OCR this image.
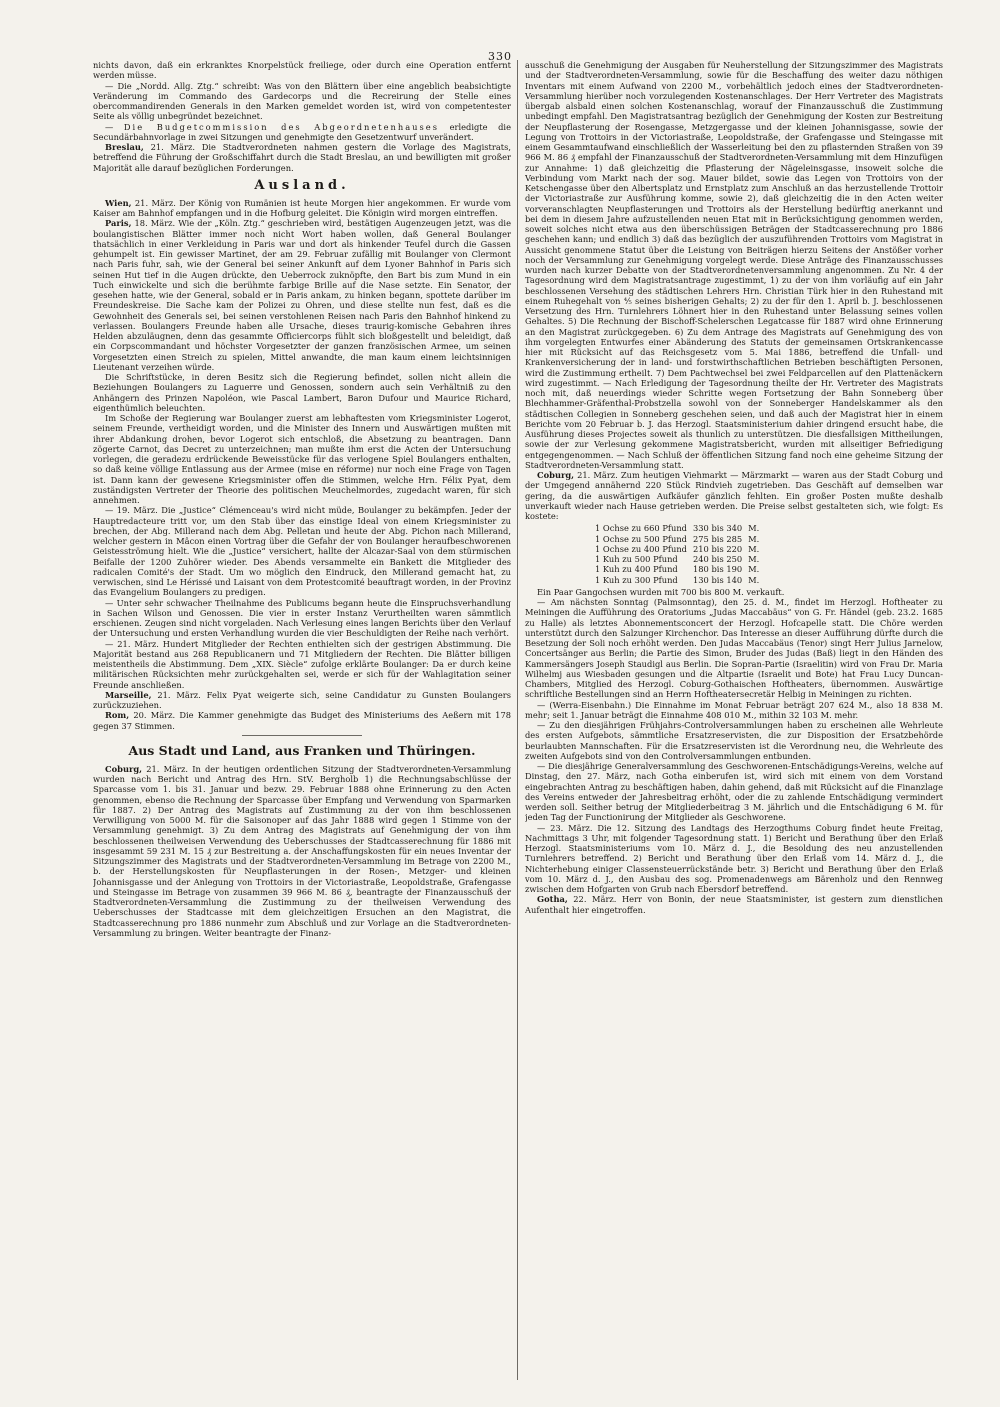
330

nichts davon, daß ein erkranktes Knorpelstück freiliege, oder durch eine Operation entfernt werden müsse.

— Die „Nordd. Allg. Ztg.“ schreibt: Was von den Blättern über eine angeblich beabsichtigte Veränderung im Commando des Gardecorps und die Recreirung der Stelle eines obercommandirenden Generals in den Marken gemeldet worden ist, wird von competentester Seite als völlig unbegründet bezeichnet.

— Die Budgetcommission des Abgeordnetenhauses erledigte die Secundärbahnvorlage in zwei Sitzungen und genehmigte den Gesetzentwurf unverändert.

Breslau, 21. März. Die Stadtverordneten nahmen gestern die Vorlage des Magistrats, betreffend die Führung der Großschiffahrt durch die Stadt Breslau, an und bewilligten mit großer Majorität alle darauf bezüglichen Forderungen.

Ausland.

Wien, 21. März. Der König von Rumänien ist heute Morgen hier angekommen. Er wurde vom Kaiser am Bahnhof empfangen und in die Hofburg geleitet. Die Königin wird morgen eintreffen.

Paris, 18. März. Wie der „Köln. Ztg.“ geschrieben wird, bestätigen Augenzeugen jetzt, was die boulangistischen Blätter immer noch nicht Wort haben wollen, daß General Boulanger thatsächlich in einer Verkleidung in Paris war und dort als hinkender Teufel durch die Gassen gehumpelt ist. Ein gewisser Martinet, der am 29. Februar zufällig mit Boulanger von Clermont nach Paris fuhr, sah, wie der General bei seiner Ankunft auf dem Lyoner Bahnhof in Paris sich seinen Hut tief in die Augen drückte, den Ueberrock zuknöpfte, den Bart bis zum Mund in ein Tuch einwickelte und sich die berühmte farbige Brille auf die Nase setzte. Ein Senator, der gesehen hatte, wie der General, sobald er in Paris ankam, zu hinken begann, spottete darüber im Freundeskreise. Die Sache kam der Polizei zu Ohren, und diese stellte nun fest, daß es die Gewohnheit des Generals sei, bei seinen verstohlenen Reisen nach Paris den Bahnhof hinkend zu verlassen. Boulangers Freunde haben alle Ursache, dieses traurig-komische Gebahren ihres Helden abzuläugnen, denn das gesammte Officiercorps fühlt sich bloßgestellt und beleidigt, daß ein Corpscommandant und höchster Vorgesetzter der ganzen französischen Armee, um seinen Vorgesetzten einen Streich zu spielen, Mittel anwandte, die man kaum einem leichtsinnigen Lieutenant verzeihen würde.

Die Schriftstücke, in deren Besitz sich die Regierung befindet, sollen nicht allein die Beziehungen Boulangers zu Laguerre und Genossen, sondern auch sein Verhältniß zu den Anhängern des Prinzen Napoléon, wie Pascal Lambert, Baron Dufour und Maurice Richard, eigenthümlich beleuchten.

Im Schoße der Regierung war Boulanger zuerst am lebhaftesten vom Kriegsminister Logerot, seinem Freunde, vertheidigt worden, und die Minister des Innern und Auswärtigen mußten mit ihrer Abdankung drohen, bevor Logerot sich entschloß, die Absetzung zu beantragen. Dann zögerte Carnot, das Decret zu unterzeichnen; man mußte ihm erst die Acten der Untersuchung vorlegen, die geradezu erdrückende Beweisstücke für das verlogene Spiel Boulangers enthalten, so daß keine völlige Entlassung aus der Armee (mise en réforme) nur noch eine Frage von Tagen ist. Dann kann der gewesene Kriegsminister offen die Stimmen, welche Hrn. Félix Pyat, dem zuständigsten Vertreter der Theorie des politischen Meuchelmordes, zugedacht waren, für sich annehmen.

— 19. März. Die „Justice“ Clémenceau's wird nicht müde, Boulanger zu bekämpfen. Jeder der Hauptredacteure tritt vor, um den Stab über das einstige Ideal von einem Kriegsminister zu brechen, der Abg. Millerand nach dem Abg. Pelletan und heute der Abg. Pichon nach Millerand, welcher gestern in Mâcon einen Vortrag über die Gefahr der von Boulanger heraufbeschworenen Geistesströmung hielt. Wie die „Justice“ versichert, hallte der Alcazar-Saal von dem stürmischen Beifalle der 1200 Zuhörer wieder. Des Abends versammelte ein Bankett die Mitglieder des radicalen Comité's der Stadt. Um wo möglich den Eindruck, den Millerand gemacht hat, zu verwischen, sind Le Hérissé und Laisant von dem Protestcomité beauftragt worden, in der Provinz das Evangelium Boulangers zu predigen.

— Unter sehr schwacher Theilnahme des Publicums begann heute die Einspruchsverhandlung in Sachen Wilson und Genossen. Die vier in erster Instanz Verurtheilten waren sämmtlich erschienen. Zeugen sind nicht vorgeladen. Nach Verlesung eines langen Berichts über den Verlauf der Untersuchung und ersten Verhandlung wurden die vier Beschuldigten der Reihe nach verhört.

— 21. März. Hundert Mitglieder der Rechten enthielten sich der gestrigen Abstimmung. Die Majorität bestand aus 268 Republicanern und 71 Mitgliedern der Rechten. Die Blätter billigen meistentheils die Abstimmung. Dem „XIX. Siècle“ zufolge erklärte Boulanger: Da er durch keine militärischen Rücksichten mehr zurückgehalten sei, werde er sich für der Wahlagitation seiner Freunde anschließen.

Marseille, 21. März. Felix Pyat weigerte sich, seine Candidatur zu Gunsten Boulangers zurückzuziehen.

Rom, 20. März. Die Kammer genehmigte das Budget des Ministeriums des Aeßern mit 178 gegen 37 Stimmen.

Aus Stadt und Land, aus Franken und Thüringen.

Coburg, 21. März. In der heutigen ordentlichen Sitzung der Stadtverordneten-Versammlung wurden nach Bericht und Antrag des Hrn. StV. Bergholb 1) die Rechnungsabschlüsse der Sparcasse vom 1. bis 31. Januar und bezw. 29. Februar 1888 ohne Erinnerung zu den Acten genommen, ebenso die Rechnung der Sparcasse über Empfang und Verwendung von Sparmarken für 1887. 2) Der Antrag des Magistrats auf Zustimmung zu der von ihm beschlossenen Verwilligung von 5000 M. für die Saisonoper auf das Jahr 1888 wird gegen 1 Stimme von der Versammlung genehmigt. 3) Zu dem Antrag des Magistrats auf Genehmigung der von ihm beschlossenen theilweisen Verwendung des Ueberschusses der Stadtcasserechnung für 1886 mit insgesammt 59 231 M. 15 ₰ zur Bestreitung a. der Anschaffungskosten für ein neues Inventar der Sitzungszimmer des Magistrats und der Stadtverordneten-Versammlung im Betrage von 2200 M., b. der Herstellungskosten für Neupflasterungen in der Rosen-, Metzger- und kleinen Johannisgasse und der Anlegung von Trottoirs in der Victoriastraße, Leopoldstraße, Grafengasse und Steingasse im Betrage von zusammen 39 966 M. 86 ₰, beantragte der Finanzausschuß der Stadtverordneten-Versammlung die Zustimmung zu der theilweisen Verwendung des Ueberschusses der Stadtcasse mit dem gleichzeitigen Ersuchen an den Magistrat, die Stadtcasserechnung pro 1886 nunmehr zum Abschluß und zur Vorlage an die Stadtverordneten-Versammlung zu bringen. Weiter beantragte der Finanz-

ausschuß die Genehmigung der Ausgaben für Neuherstellung der Sitzungszimmer des Magistrats und der Stadtverordneten-Versammlung, sowie für die Beschaffung des weiter dazu nöthigen Inventars mit einem Aufwand von 2200 M., vorbehältlich jedoch eines der Stadtverordneten-Versammlung hierüber noch vorzulegenden Kostenanschlages. Der Herr Vertreter des Magistrats übergab alsbald einen solchen Kostenanschlag, worauf der Finanzausschuß die Zustimmung unbedingt empfahl. Den Magistratsantrag bezüglich der Genehmigung der Kosten zur Bestreitung der Neupflasterung der Rosengasse, Metzgergasse und der kleinen Johannisgasse, sowie der Legung von Trottoirs in der Victoriastraße, Leopoldstraße, der Grafengasse und Steingasse mit einem Gesammtaufwand einschließlich der Wasserleitung bei den zu pflasternden Straßen von 39 966 M. 86 ₰ empfahl der Finanzausschuß der Stadtverordneten-Versammlung mit dem Hinzufügen zur Annahme: 1) daß gleichzeitig die Pflasterung der Nägeleinsgasse, insoweit solche die Verbindung vom Markt nach der sog. Mauer bildet, sowie das Legen von Trottoirs von der Ketschengasse über den Albertsplatz und Ernstplatz zum Anschluß an das herzustellende Trottoir der Victoriastraße zur Ausführung komme, sowie 2), daß gleichzeitig die in den Acten weiter vorveranschlagten Neupflasterungen und Trottoirs als der Herstellung bedürftig anerkannt und bei dem in diesem Jahre aufzustellenden neuen Etat mit in Berücksichtigung genommen werden, soweit solches nicht etwa aus den überschüssigen Beträgen der Stadtcasserechnung pro 1886 geschehen kann; und endlich 3) daß das bezüglich der auszuführenden Trottoirs vom Magistrat in Aussicht genommene Statut über die Leistung von Beiträgen hierzu Seitens der Anstößer vorher noch der Versammlung zur Genehmigung vorgelegt werde. Diese Anträge des Finanzausschusses wurden nach kurzer Debatte von der Stadtverordnetenversammlung angenommen. Zu Nr. 4 der Tagesordnung wird dem Magistratsantrage zugestimmt, 1) zu der von ihm vorläufig auf ein Jahr beschlossenen Versehung des städtischen Lehrers Hrn. Christian Türk hier in den Ruhestand mit einem Ruhegehalt von ⁴⁄₅ seines bisherigen Gehalts; 2) zu der für den 1. April b. J. beschlossenen Versetzung des Hrn. Turnlehrers Löhnert hier in den Ruhestand unter Belassung seines vollen Gehaltes. 5) Die Rechnung der Bischoff-Schelerschen Legatcasse für 1887 wird ohne Erinnerung an den Magistrat zurückgegeben. 6) Zu dem Antrage des Magistrats auf Genehmigung des von ihm vorgelegten Entwurfes einer Abänderung des Statuts der gemeinsamen Ortskrankencasse hier mit Rücksicht auf das Reichsgesetz vom 5. Mai 1886, betreffend die Unfall- und Krankenversicherung der in land- und forstwirthschaftlichen Betrieben beschäftigten Personen, wird die Zustimmung ertheilt. 7) Dem Pachtwechsel bei zwei Feldparcellen auf den Plattenäckern wird zugestimmt. — Nach Erledigung der Tagesordnung theilte der Hr. Vertreter des Magistrats noch mit, daß neuerdings wieder Schritte wegen Fortsetzung der Bahn Sonneberg über Blechhammer-Gräfenthal-Probstzella sowohl von der Sonneberger Handelskammer als den städtischen Collegien in Sonneberg geschehen seien, und daß auch der Magistrat hier in einem Berichte vom 20 Februar b. J. das Herzogl. Staatsministerium dahier dringend ersucht habe, die Ausführung dieses Projectes soweit als thunlich zu unterstützen. Die diesfallsigen Mittheilungen, sowie der zur Verlesung gekommene Magistratsbericht, wurden mit allseitiger Befriedigung entgegengenommen. — Nach Schluß der öffentlichen Sitzung fand noch eine geheime Sitzung der Stadtverordneten-Versammlung statt.

Coburg, 21. März. Zum heutigen Viehmarkt — Märzmarkt — waren aus der Stadt Coburg und der Umgegend annähernd 220 Stück Rindvieh zugetrieben. Das Geschäft auf demselben war gering, da die auswärtigen Aufkäufer gänzlich fehlten. Ein großer Posten mußte deshalb unverkauft wieder nach Hause getrieben werden. Die Preise selbst gestalteten sich, wie folgt: Es kostete:

1 Ochse zu 660 Pfund	330 bis 340	M.
1 Ochse zu 500 Pfund	275 bis 285	M.
1 Ochse zu 400 Pfund	210 bis 220	M.
1 Kuh zu 500 Pfund	240 bis 250	M.
1 Kuh zu 400 Pfund	180 bis 190	M.
1 Kuh zu 300 Pfund	130 bis 140	M.

Ein Paar Gangochsen wurden mit 700 bis 800 M. verkauft.

— Am nächsten Sonntag (Palmsonntag), den 25. d. M., findet im Herzogl. Hoftheater zu Meiningen die Aufführung des Oratoriums „Judas Maccabäus“ von G. Fr. Händel (geb. 23.2. 1685 zu Halle) als letztes Abonnementsconcert der Herzogl. Hofcapelle statt. Die Chöre werden unterstützt durch den Salzunger Kirchenchor. Das Interesse an dieser Aufführung dürfte durch die Besetzung der Soli noch erhöht werden. Den Judas Maccabäus (Tenor) singt Herr Julius Jarnelow, Concertsänger aus Berlin; die Partie des Simon, Bruder des Judas (Baß) liegt in den Händen des Kammersängers Joseph Staudigl aus Berlin. Die Sopran-Partie (Israelitin) wird von Frau Dr. Maria Wilhelmj aus Wiesbaden gesungen und die Altpartie (Israelit und Bote) hat Frau Lucy Duncan-Chambers, Mitglied des Herzogl. Coburg-Gothaischen Hoftheaters, übernommen. Auswärtige schriftliche Bestellungen sind an Herrn Hoftheatersecretär Helbig in Meiningen zu richten.

— (Werra-Eisenbahn.) Die Einnahme im Monat Februar beträgt 207 624 M., also 18 838 M. mehr; seit 1. Januar beträgt die Einnahme 408 010 M., mithin 32 103 M. mehr.

— Zu den diesjährigen Frühjahrs-Controlversammlungen haben zu erscheinen alle Wehrleute des ersten Aufgebots, sämmtliche Ersatzreservisten, die zur Disposition der Ersatzbehörde beurlaubten Mannschaften. Für die Ersatzreservisten ist die Verordnung neu, die Wehrleute des zweiten Aufgebots sind von den Controlversammlungen entbunden.

— Die diesjährige Generalversammlung des Geschworenen-Entschädigungs-Vereins, welche auf Dinstag, den 27. März, nach Gotha einberufen ist, wird sich mit einem von dem Vorstand eingebrachten Antrag zu beschäftigen haben, dahin gehend, daß mit Rücksicht auf die Finanzlage des Vereins entweder der Jahresbeitrag erhöht, oder die zu zahlende Entschädigung vermindert werden soll. Seither betrug der Mitgliederbeitrag 3 M. jährlich und die Entschädigung 6 M. für jeden Tag der Functionirung der Mitglieder als Geschworene.

— 23. März. Die 12. Sitzung des Landtags des Herzogthums Coburg findet heute Freitag, Nachmittags 3 Uhr, mit folgender Tagesordnung statt. 1) Bericht und Berathung über den Erlaß Herzogl. Staatsministeriums vom 10. März d. J., die Besoldung des neu anzustellenden Turnlehrers betreffend. 2) Bericht und Berathung über den Erlaß vom 14. März d. J., die Nichterhebung einiger Classensteuerrückstände betr. 3) Bericht und Berathung über den Erlaß vom 10. März d. J., den Ausbau des sog. Promenadenwegs am Bärenholz und den Rennweg zwischen dem Hofgarten von Grub nach Ebersdorf betreffend.

Gotha, 22. März. Herr von Bonin, der neue Staatsminister, ist gestern zum dienstlichen Aufenthalt hier eingetroffen.
